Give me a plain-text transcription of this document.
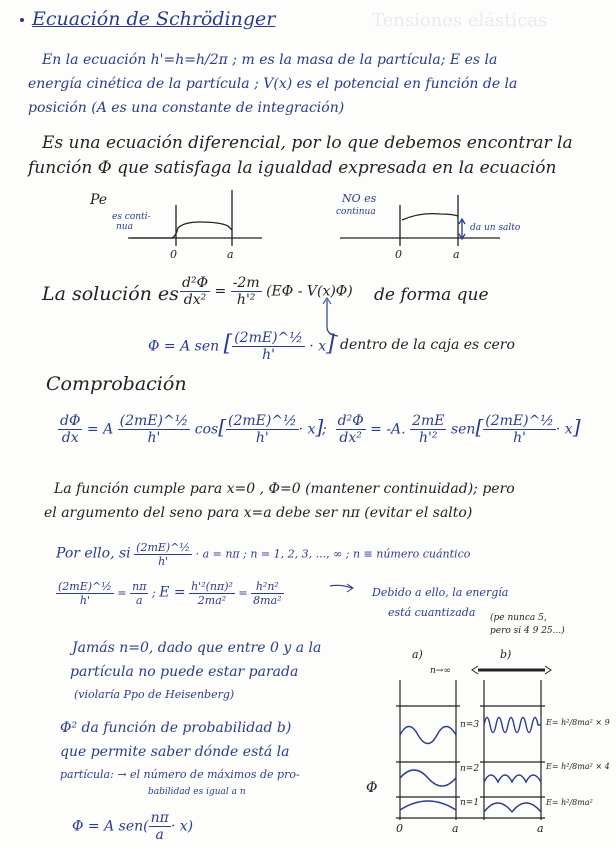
Tensiones elásticas
Ecuación de Schrödinger
En la ecuación h'=h=h/2π ; m es la masa de la partícula; E es la
energía cinética de la partícula ; V(x) es el potencial en función de la
posición (A es una constante de integración)
Es una ecuación diferencial, por lo que debemos encontrar la
función Φ que satisfaga la igualdad expresada en la ecuación
Pe
es conti-
nua
0	a
NO es
continua
da un salto
0	a
La solución es $\frac{\text{d²Φ}}{\text{dx²}} = \frac{-2m}{\text{h'²}} (E\Phi - V(x)\Phi)$ de forma que
Φ = A sen [ $\frac{\text{(2mE)\textasciicircum{}½}}{h'} \cdot x$] dentro de la caja es cero
Comprobación
$\frac{d\Phi}{dx} = A \frac{\text{(2mE)\textasciicircum{}½}}{h'} \cos[ \frac{\text{(2mE)\textasciicircum{}½}}{h'} \cdot x]$
; $\frac{\text{d²Φ}}{\text{dx²}} = -A$. $\frac{2mE}{\text{h'²}} sen[ \frac{\text{(2mE)\textasciicircum{}½}}{h'} \cdot x]$
La función cumple para x=0 , Φ=0 (mantener continuidad); pero
el argumento del seno para x=a debe ser nπ (evitar el salto)
Por ello, si $\frac{\text{(2mE)\textasciicircum{}½}}{h'} \cdot a = n\pi$ ; n = 1, 2, 3, ..., ∞ ; n ≡ número cuántico
$\frac{\text{(2mE)\textasciicircum{}½}}{h'} = \frac{n\pi}{a}$ ; $E = \frac{\text{h'²(nπ)²}}{\text{2ma²}} = \frac{\text{h²n²}}{\text{8ma²}}$	Debido a ello, la energía
está cuantizada (pe nunca 5,
pero si 4 9 25...)
Jamás n=0, dado que entre 0 y a la
partícula no puede estar parada
(violaría Ppo de Heisenberg)
Φ² da función de probabilidad b)
que permite saber dónde está la
partícula: → el número de máximos de pro-
babilidad es igual a n
Φ = A $sen( \frac{n\pi}{a} \cdot x)$
a)	b)
n→∞
n=3
n=2
n=1
Φ
0	a	a
E= h²/8ma² × 9
E= h²/8ma² × 4
E= h²/8ma²
